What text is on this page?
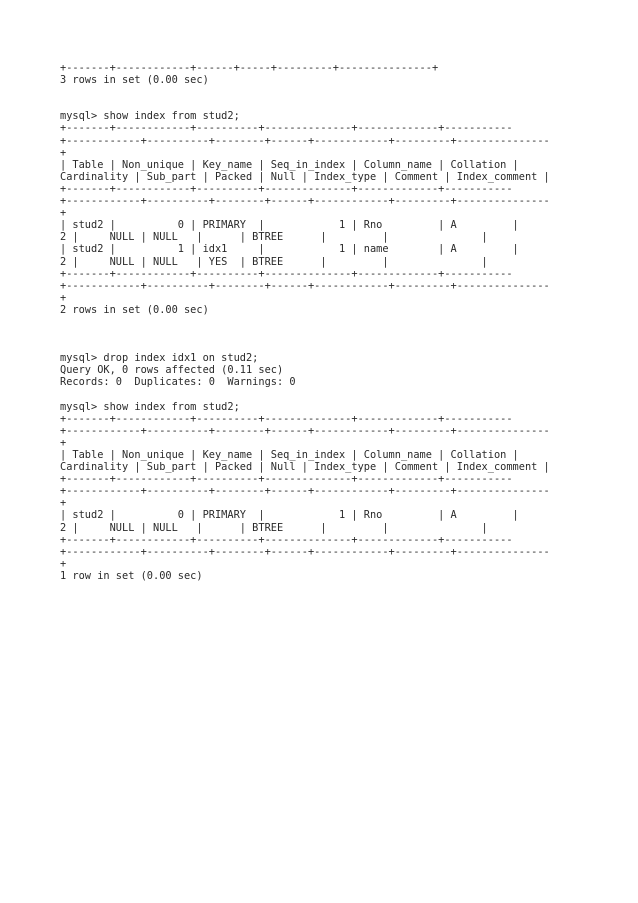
+-------+------------+------+-----+---------+---------------+
3 rows in set (0.00 sec)
mysql> show index from stud2;
+-------+------------+----------+--------------+-------------+-----------
+------------+----------+--------+------+------------+---------+---------------
+
| Table | Non_unique | Key_name | Seq_in_index | Column_name | Collation |
Cardinality | Sub_part | Packed | Null | Index_type | Comment | Index_comment |
+-------+------------+----------+--------------+-------------+-----------
+------------+----------+--------+------+------------+---------+---------------
+
| stud2 |          0 | PRIMARY  |            1 | Rno         | A         |
2 |     NULL | NULL   |      | BTREE      |         |               |
| stud2 |          1 | idx1     |            1 | name        | A         |
2 |     NULL | NULL   | YES  | BTREE      |         |               |
+-------+------------+----------+--------------+-------------+-----------
+------------+----------+--------+------+------------+---------+---------------
+
2 rows in set (0.00 sec)
mysql> drop index idx1 on stud2;
Query OK, 0 rows affected (0.11 sec)
Records: 0  Duplicates: 0  Warnings: 0
mysql> show index from stud2;
+-------+------------+----------+--------------+-------------+-----------
+------------+----------+--------+------+------------+---------+---------------
+
| Table | Non_unique | Key_name | Seq_in_index | Column_name | Collation |
Cardinality | Sub_part | Packed | Null | Index_type | Comment | Index_comment |
+-------+------------+----------+--------------+-------------+-----------
+------------+----------+--------+------+------------+---------+---------------
+
| stud2 |          0 | PRIMARY  |            1 | Rno         | A         |
2 |     NULL | NULL   |      | BTREE      |         |               |
+-------+------------+----------+--------------+-------------+-----------
+------------+----------+--------+------+------------+---------+---------------
+
1 row in set (0.00 sec)
